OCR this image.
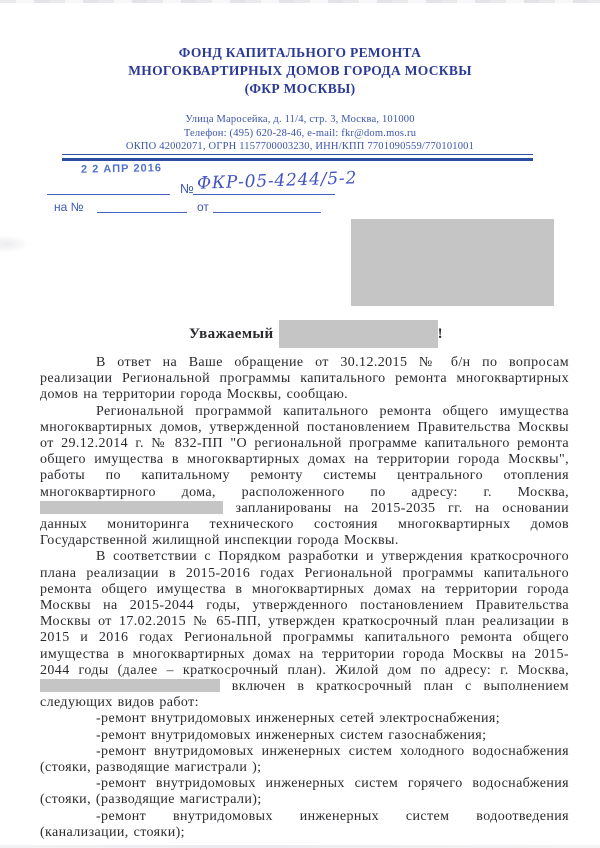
ФОНД КАПИТАЛЬНОГО РЕМОНТА
МНОГОКВАРТИРНЫХ ДОМОВ ГОРОДА МОСКВЫ
(ФКР МОСКВЫ)
Улица Маросейка, д. 11/4, стр. 3, Москва, 101000
Телефон: (495) 620-28-46, e-mail: fkr@dom.mos.ru
ОКПО 42002071, ОГРН 1157700003230, ИНН/КПП 7701090559/770101001
2 2 АПР 2016
№ ФКР-05-4244/5-2
на №	от
Уважаемый	!

В ответ на Ваше обращение от 30.12.2015 № б/н по вопросам реализации Региональной программы капитального ремонта многоквартирных домов на территории города Москвы, сообщаю.

Региональной программой капитального ремонта общего имущества многоквартирных домов, утвержденной постановлением Правительства Москвы от 29.12.2014 г. № 832-ПП "О региональной программе капитального ремонта общего имущества в многоквартирных домах на территории города Москвы", работы по капитальному ремонту системы центрального отопления многоквартирного дома, расположенного по адресу: г. Москва,  запланированы на 2015-2035 гг. на основании данных мониторинга технического состояния многоквартирных домов Государственной жилищной инспекции города Москвы.

В соответствии с Порядком разработки и утверждения краткосрочного плана реализации в 2015-2016 годах Региональной программы капитального ремонта общего имущества в многоквартирных домах на территории города Москвы на 2015-2044 годы, утвержденного постановлением Правительства Москвы от 17.02.2015 № 65-ПП, утвержден краткосрочный план реализации в 2015 и 2016 годах Региональной программы капитального ремонта общего имущества в многоквартирных домах на территории города Москвы на 2015-2044 годы (далее – краткосрочный план). Жилой дом по адресу: г. Москва,  включен в краткосрочный план с выполнением следующих видов работ:

-ремонт внутридомовых инженерных сетей электроснабжения;

-ремонт внутридомовых инженерных систем газоснабжения;

-ремонт внутридомовых инженерных систем холодного водоснабжения (стояки, разводящие магистрали );

-ремонт внутридомовых инженерных систем горячего водоснабжения (стояки, (разводящие магистрали);

-ремонт внутридомовых инженерных систем водоотведения (канализации, стояки);
